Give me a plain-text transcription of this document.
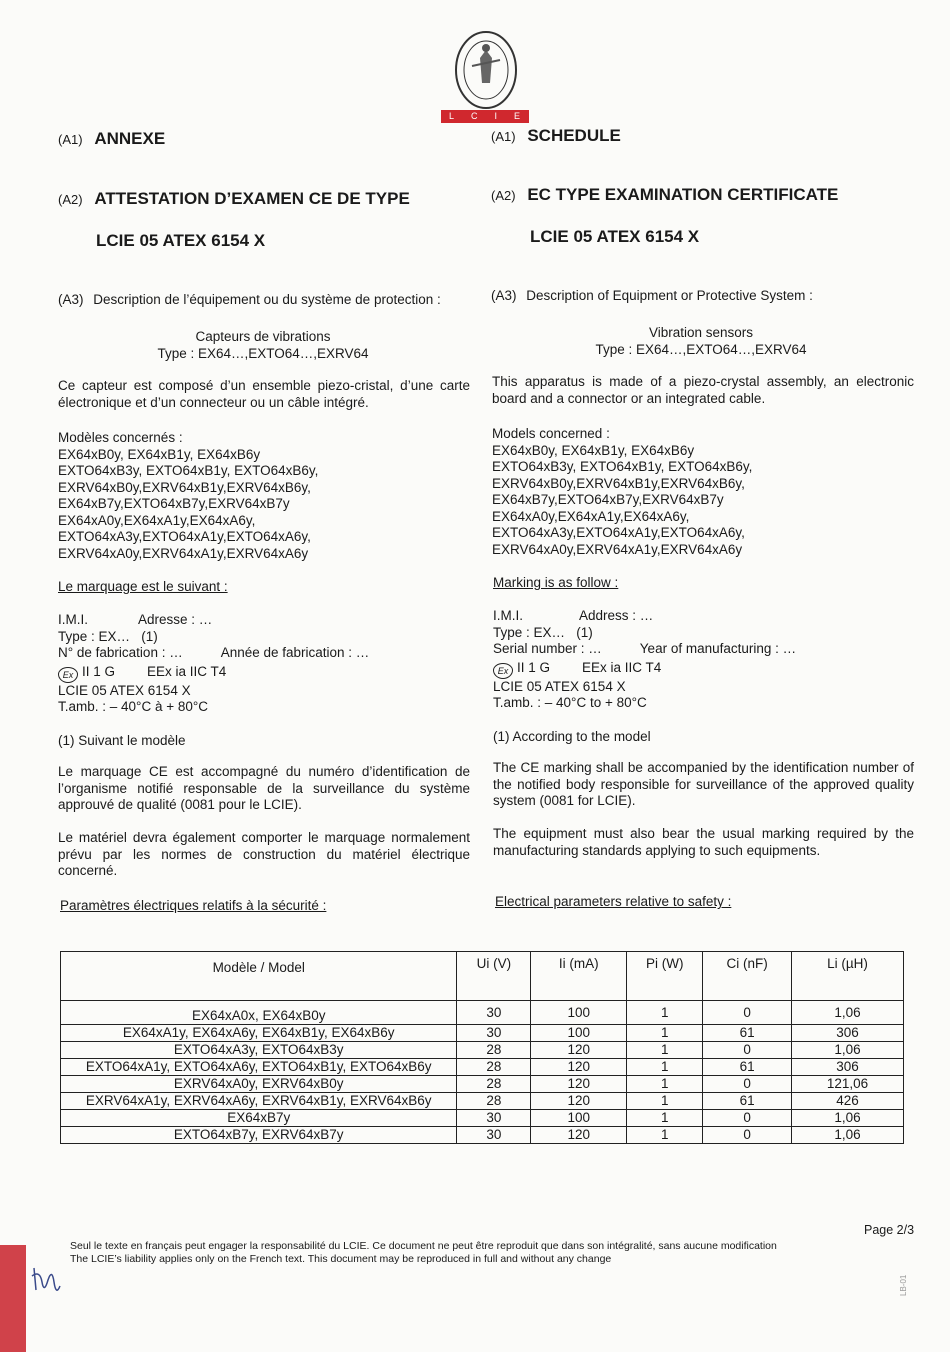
L C I E
(A1) ANNEXE
(A2) ATTESTATION D’EXAMEN CE DE TYPE
LCIE 05 ATEX 6154 X
(A3) Description de l’équipement ou du système de protection :
Capteurs de vibrations
Type : EX64…,EXTO64…,EXRV64
Ce capteur est composé d’un ensemble piezo-cristal, d’une carte électronique et d’un connecteur ou un câble intégré.
Modèles concernés :
EX64xB0y, EX64xB1y, EX64xB6y
EXTO64xB3y, EXTO64xB1y, EXTO64xB6y,
EXRV64xB0y,EXRV64xB1y,EXRV64xB6y,
EX64xB7y,EXTO64xB7y,EXRV64xB7y
EX64xA0y,EX64xA1y,EX64xA6y,
EXTO64xA3y,EXTO64xA1y,EXTO64xA6y,
EXRV64xA0y,EXRV64xA1y,EXRV64xA6y
Le marquage est le suivant :
I.M.I.	Adresse : …
Type : EX…   (1)
N° de fabrication : …	Année de fabrication : …
Ex II 1 G EEx ia IIC T4
LCIE 05 ATEX 6154 X
T.amb. : – 40°C à + 80°C
(1) Suivant le modèle
Le marquage CE est accompagné du numéro d’identification de l’organisme notifié responsable de la surveillance du système approuvé de qualité (0081 pour le LCIE).
Le matériel devra également comporter le marquage normalement prévu par les normes de construction du matériel électrique concerné.
Paramètres électriques relatifs à la sécurité :
(A1) SCHEDULE
(A2) EC TYPE EXAMINATION CERTIFICATE
LCIE 05 ATEX 6154 X
(A3) Description of Equipment or Protective System :
Vibration sensors
Type : EX64…,EXTO64…,EXRV64
This apparatus is made of a piezo-crystal assembly, an electronic board and a connector or an integrated cable.
Models concerned :
EX64xB0y, EX64xB1y, EX64xB6y
EXTO64xB3y, EXTO64xB1y, EXTO64xB6y,
EXRV64xB0y,EXRV64xB1y,EXRV64xB6y,
EX64xB7y,EXTO64xB7y,EXRV64xB7y
EX64xA0y,EX64xA1y,EX64xA6y,
EXTO64xA3y,EXTO64xA1y,EXTO64xA6y,
EXRV64xA0y,EXRV64xA1y,EXRV64xA6y
Marking is as follow :
I.M.I.	Address : …
Type : EX…   (1)
Serial number : …	Year of manufacturing : …
Ex II 1 G EEx ia IIC T4
LCIE 05 ATEX 6154 X
T.amb. : – 40°C to + 80°C
(1) According to the model
The CE marking shall be accompanied by the identification number of the notified body responsible for surveillance of the approved quality system (0081 for LCIE).
The equipment must also bear the usual marking required by the manufacturing standards applying to such equipments.
Electrical parameters relative to safety :
Modèle / Model	Ui (V)	Ii (mA)	Pi (W)	Ci (nF)	Li (µH)
EX64xA0x, EX64xB0y	30	100	1	0	1,06
EX64xA1y, EX64xA6y, EX64xB1y, EX64xB6y	30	100	1	61	306
EXTO64xA3y, EXTO64xB3y	28	120	1	0	1,06
EXTO64xA1y, EXTO64xA6y, EXTO64xB1y, EXTO64xB6y	28	120	1	61	306
EXRV64xA0y, EXRV64xB0y	28	120	1	0	121,06
EXRV64xA1y, EXRV64xA6y, EXRV64xB1y, EXRV64xB6y	28	120	1	61	426
EX64xB7y	30	100	1	0	1,06
EXTO64xB7y, EXRV64xB7y	30	120	1	0	1,06
Page 2/3
Seul le texte en français peut engager la responsabilité du LCIE. Ce document ne peut être reproduit que dans son intégralité, sans aucune modification
The LCIE’s liability applies only on the French text. This document may be reproduced in full and without any change
LB-01
